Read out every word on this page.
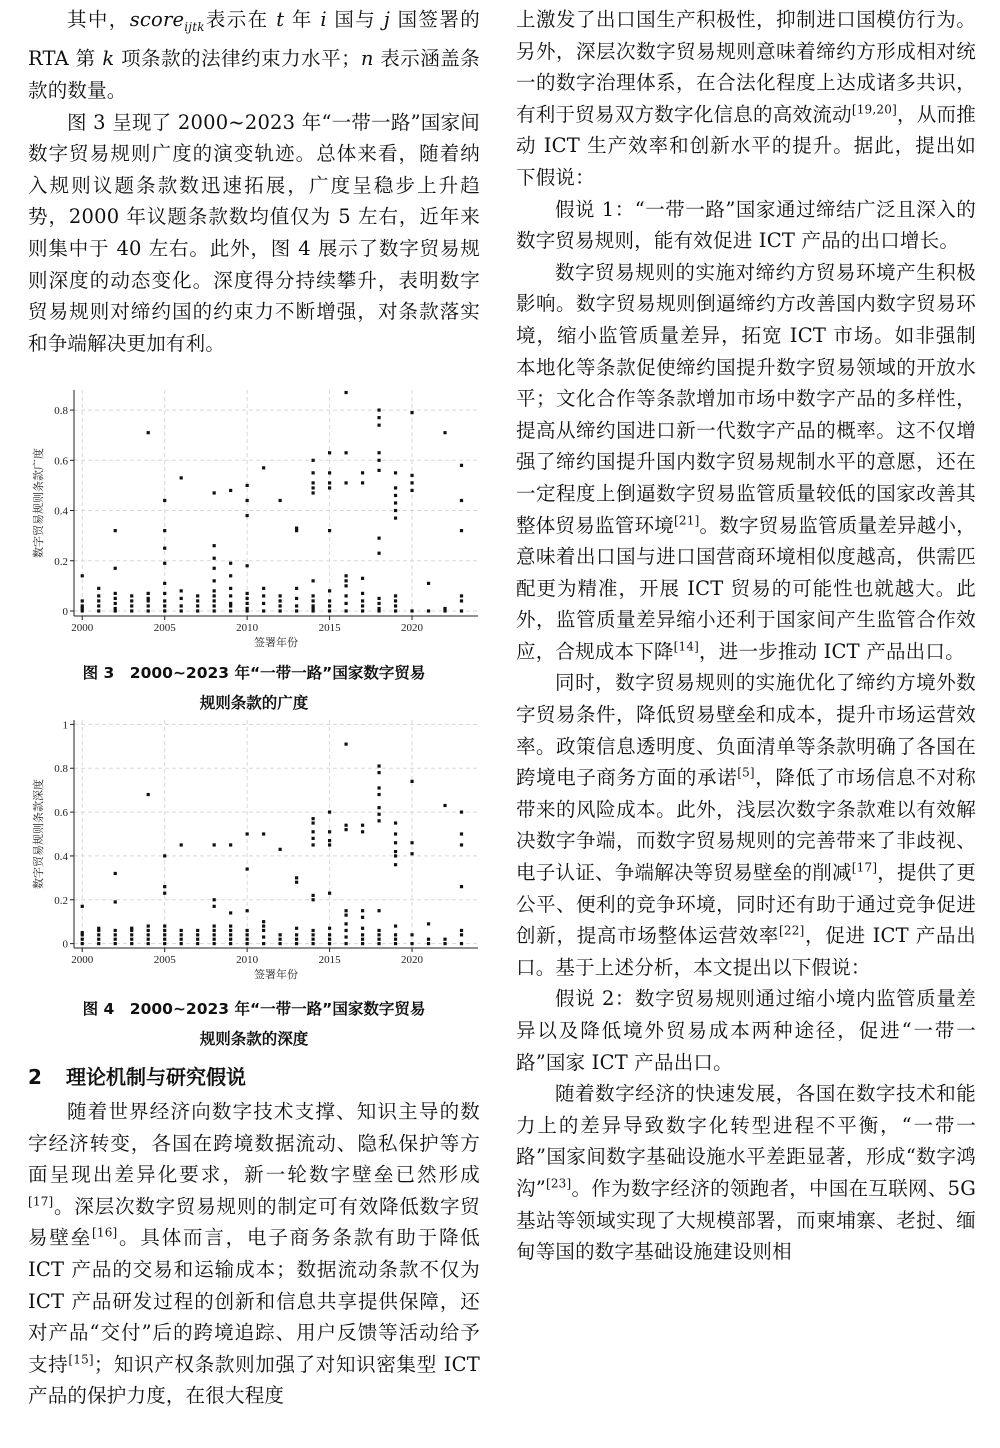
其中，score$_{ijtk}$表示在 t 年 i 国与 j 国签署的 RTA 第 k 项条款的法律约束力水平；n 表示涵盖条款的数量。

图 3 呈现了 2000~2023 年“一带一路”国家间数字贸易规则广度的演变轨迹。总体来看，随着纳入规则议题条款数迅速拓展，广度呈稳步上升趋势，2000 年议题条款数均值仅为 5 左右，近年来则集中于 40 左右。此外，图 4 展示了数字贸易规则深度的动态变化。深度得分持续攀升，表明数字贸易规则对缔约国的约束力不断增强，对条款落实和争端解决更加有利。

2000	2005	2010	2015	2020
0
0.2
0.4
0.6
0.8
签署年份
数字贸易规则条款广度
图 3　2000~2023 年“一带一路”国家数字贸易
规则条款的广度
2000	2005	2010	2015	2020
0
0.2
0.4
0.6
0.8
1
签署年份
数字贸易规则条款深度
图 4　2000~2023 年“一带一路”国家数字贸易
规则条款的深度
2 理论机制与研究假说

随着世界经济向数字技术支撑、知识主导的数字经济转变，各国在跨境数据流动、隐私保护等方面呈现出差异化要求，新一轮数字壁垒已然形成[17]。深层次数字贸易规则的制定可有效降低数字贸易壁垒[16]。具体而言，电子商务条款有助于降低 ICT 产品的交易和运输成本；数据流动条款不仅为 ICT 产品研发过程的创新和信息共享提供保障，还对产品“交付”后的跨境追踪、用户反馈等活动给予支持[15]；知识产权条款则加强了对知识密集型 ICT 产品的保护力度，在很大程度

上激发了出口国生产积极性，抑制进口国模仿行为。另外，深层次数字贸易规则意味着缔约方形成相对统一的数字治理体系，在合法化程度上达成诸多共识，有利于贸易双方数字化信息的高效流动[19,20]，从而推动 ICT 生产效率和创新水平的提升。据此，提出如下假说：

假说 1：“一带一路”国家通过缔结广泛且深入的数字贸易规则，能有效促进 ICT 产品的出口增长。

数字贸易规则的实施对缔约方贸易环境产生积极影响。数字贸易规则倒逼缔约方改善国内数字贸易环境，缩小监管质量差异，拓宽 ICT 市场。如非强制本地化等条款促使缔约国提升数字贸易领域的开放水平；文化合作等条款增加市场中数字产品的多样性，提高从缔约国进口新一代数字产品的概率。这不仅增强了缔约国提升国内数字贸易规制水平的意愿，还在一定程度上倒逼数字贸易监管质量较低的国家改善其整体贸易监管环境[21]。数字贸易监管质量差异越小，意味着出口国与进口国营商环境相似度越高，供需匹配更为精准，开展 ICT 贸易的可能性也就越大。此外，监管质量差异缩小还利于国家间产生监管合作效应，合规成本下降[14]，进一步推动 ICT 产品出口。

同时，数字贸易规则的实施优化了缔约方境外数字贸易条件，降低贸易壁垒和成本，提升市场运营效率。政策信息透明度、负面清单等条款明确了各国在跨境电子商务方面的承诺[5]，降低了市场信息不对称带来的风险成本。此外，浅层次数字条款难以有效解决数字争端，而数字贸易规则的完善带来了非歧视、电子认证、争端解决等贸易壁垒的削减[17]，提供了更公平、便利的竞争环境，同时还有助于通过竞争促进创新，提高市场整体运营效率[22]，促进 ICT 产品出口。基于上述分析，本文提出以下假说：

假说 2：数字贸易规则通过缩小境内监管质量差异以及降低境外贸易成本两种途径，促进“一带一路”国家 ICT 产品出口。

随着数字经济的快速发展，各国在数字技术和能力上的差异导致数字化转型进程不平衡，“一带一路”国家间数字基础设施水平差距显著，形成“数字鸿沟”[23]。作为数字经济的领跑者，中国在互联网、5G 基站等领域实现了大规模部署，而柬埔寨、老挝、缅甸等国的数字基础设施建设则相
